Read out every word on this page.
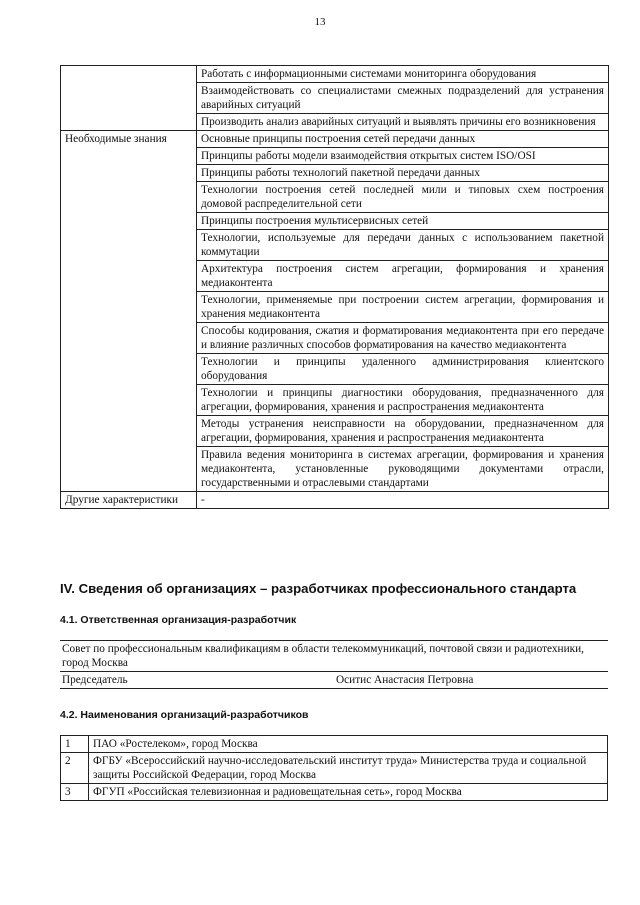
13
	Работать с информационными системами мониторинга оборудования
	Взаимодействовать со специалистами смежных подразделений для устранения аварийных ситуаций
	Производить анализ аварийных ситуаций и выявлять причины его возникновения
Необходимые знания	Основные принципы построения сетей передачи данных
	Принципы работы модели взаимодействия открытых систем ISO/OSI
	Принципы работы технологий пакетной передачи данных
	Технологии построения сетей последней мили и типовых схем построения домовой распределительной сети
	Принципы построения мультисервисных сетей
	Технологии, используемые для передачи данных с использованием пакетной коммутации
	Архитектура построения систем агрегации, формирования и хранения медиаконтента
	Технологии, применяемые при построении систем агрегации, формирования и хранения медиаконтента
	Способы кодирования, сжатия и форматирования медиаконтента при его передаче и влияние различных способов форматирования на качество медиаконтента
	Технологии и принципы удаленного администрирования клиентского оборудования
	Технологии и принципы диагностики оборудования, предназначенного для агрегации, формирования, хранения и распространения медиаконтента
	Методы устранения неисправности на оборудовании, предназначенном для агрегации, формирования, хранения и распространения медиаконтента
	Правила ведения мониторинга в системах агрегации, формирования и хранения медиаконтента, установленные руководящими документами отрасли, государственными и отраслевыми стандартами
Другие характеристики	-
IV. Сведения об организациях – разработчиках профессионального стандарта
4.1. Ответственная организация-разработчик
Совет по профессиональным квалификациям в области телекоммуникаций, почтовой связи и радиотехники, город Москва
Председатель	Оситис Анастасия Петровна
4.2. Наименования организаций-разработчиков
1	ПАО «Ростелеком», город Москва
2	ФГБУ «Всероссийский научно-исследовательский институт труда» Министерства труда и социальной защиты Российской Федерации, город Москва
3	ФГУП «Российская телевизионная и радиовещательная сеть», город Москва
